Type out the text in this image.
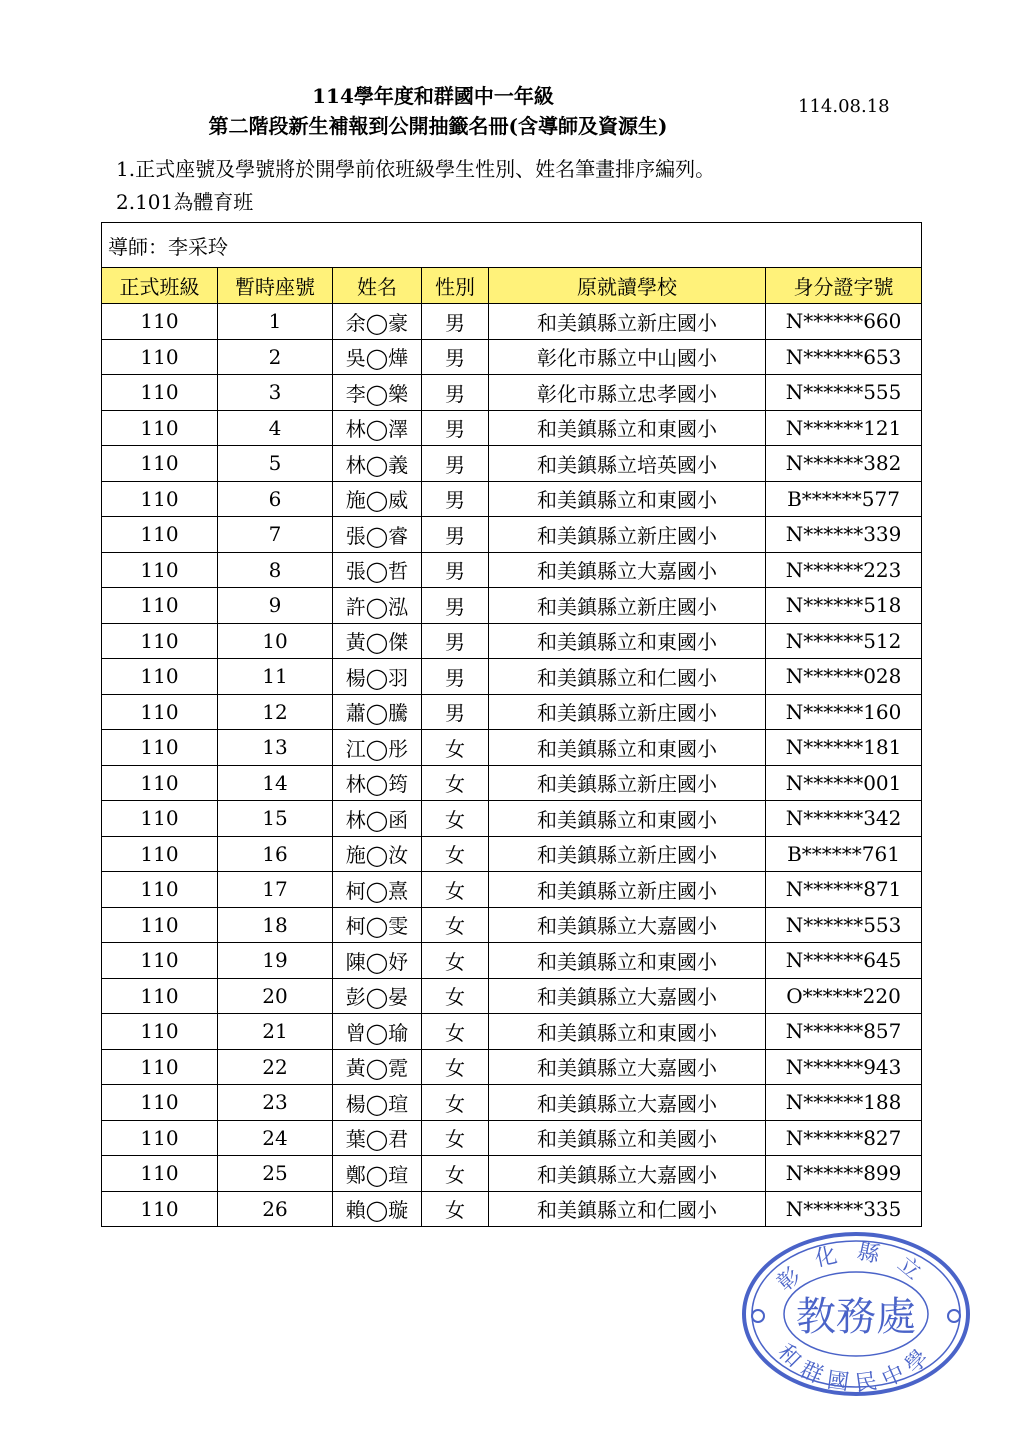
114學年度和群國中一年級
第二階段新生補報到公開抽籤名冊(含導師及資源生)
114.08.18
1.正式座號及學號將於開學前依班級學生性別、姓名筆畫排序編列。
2.101為體育班
導師：李采玲					
正式班級	暫時座號	姓名	性別	原就讀學校	身分證字號
110	1	余◯豪	男	和美鎮縣立新庄國小	N******660
110	2	吳◯燁	男	彰化市縣立中山國小	N******653
110	3	李◯樂	男	彰化市縣立忠孝國小	N******555
110	4	林◯澤	男	和美鎮縣立和東國小	N******121
110	5	林◯義	男	和美鎮縣立培英國小	N******382
110	6	施◯威	男	和美鎮縣立和東國小	B******577
110	7	張◯睿	男	和美鎮縣立新庄國小	N******339
110	8	張◯哲	男	和美鎮縣立大嘉國小	N******223
110	9	許◯泓	男	和美鎮縣立新庄國小	N******518
110	10	黃◯傑	男	和美鎮縣立和東國小	N******512
110	11	楊◯羽	男	和美鎮縣立和仁國小	N******028
110	12	蕭◯騰	男	和美鎮縣立新庄國小	N******160
110	13	江◯彤	女	和美鎮縣立和東國小	N******181
110	14	林◯筠	女	和美鎮縣立新庄國小	N******001
110	15	林◯函	女	和美鎮縣立和東國小	N******342
110	16	施◯汝	女	和美鎮縣立新庄國小	B******761
110	17	柯◯熹	女	和美鎮縣立新庄國小	N******871
110	18	柯◯雯	女	和美鎮縣立大嘉國小	N******553
110	19	陳◯妤	女	和美鎮縣立和東國小	N******645
110	20	彭◯晏	女	和美鎮縣立大嘉國小	O******220
110	21	曾◯瑜	女	和美鎮縣立和東國小	N******857
110	22	黃◯霓	女	和美鎮縣立大嘉國小	N******943
110	23	楊◯瑄	女	和美鎮縣立大嘉國小	N******188
110	24	葉◯君	女	和美鎮縣立和美國小	N******827
110	25	鄭◯瑄	女	和美鎮縣立大嘉國小	N******899
110	26	賴◯璇	女	和美鎮縣立和仁國小	N******335
彰化縣立
和群國民中學
教務處
